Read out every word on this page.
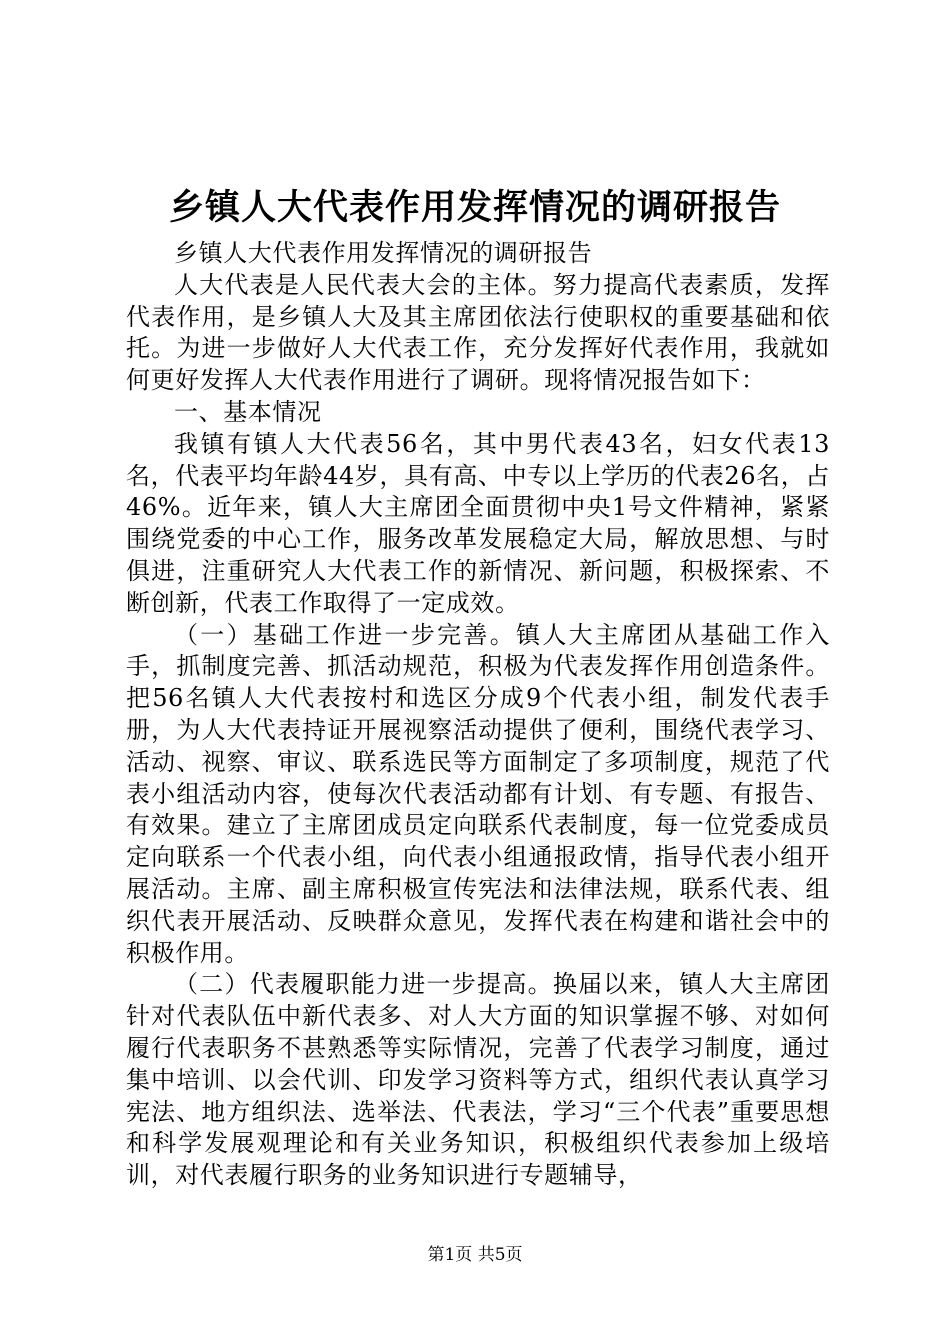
乡镇人大代表作用发挥情况的调研报告

乡镇人大代表作用发挥情况的调研报告

人大代表是人民代表大会的主体。努力提高代表素质，发挥代表作用，是乡镇人大及其主席团依法行使职权的重要基础和依托。为进一步做好人大代表工作，充分发挥好代表作用，我就如何更好发挥人大代表作用进行了调研。现将情况报告如下：

一、基本情况

我镇有镇人大代表56名，其中男代表43名，妇女代表13名，代表平均年龄44岁，具有高、中专以上学历的代表26名，占46%。近年来，镇人大主席团全面贯彻中央1号文件精神，紧紧围绕党委的中心工作，服务改革发展稳定大局，解放思想、与时俱进，注重研究人大代表工作的新情况、新问题，积极探索、不断创新，代表工作取得了一定成效。

（一）基础工作进一步完善。镇人大主席团从基础工作入手，抓制度完善、抓活动规范，积极为代表发挥作用创造条件。把56名镇人大代表按村和选区分成9个代表小组，制发代表手册，为人大代表持证开展视察活动提供了便利，围绕代表学习、活动、视察、审议、联系选民等方面制定了多项制度，规范了代表小组活动内容，使每次代表活动都有计划、有专题、有报告、有效果。建立了主席团成员定向联系代表制度，每一位党委成员定向联系一个代表小组，向代表小组通报政情，指导代表小组开展活动。主席、副主席积极宣传宪法和法律法规，联系代表、组织代表开展活动、反映群众意见，发挥代表在构建和谐社会中的积极作用。

（二）代表履职能力进一步提高。换届以来，镇人大主席团针对代表队伍中新代表多、对人大方面的知识掌握不够、对如何履行代表职务不甚熟悉等实际情况，完善了代表学习制度，通过集中培训、以会代训、印发学习资料等方式，组织代表认真学习宪法、地方组织法、选举法、代表法，学习“三个代表”重要思想和科学发展观理论和有关业务知识，积极组织代表参加上级培训，对代表履行职务的业务知识进行专题辅导，

第1页 共5页
